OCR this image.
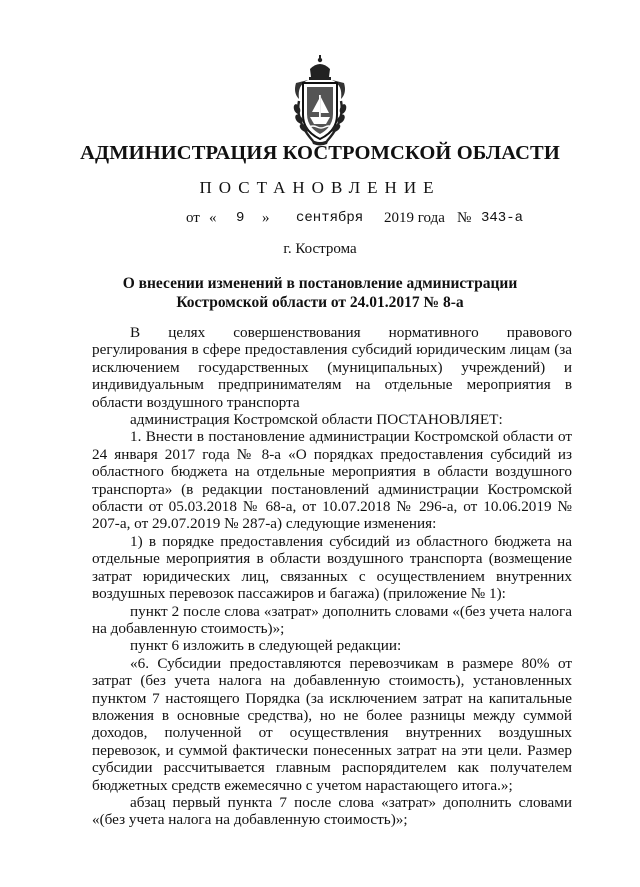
АДМИНИСТРАЦИЯ КОСТРОМСКОЙ ОБЛАСТИ
ПОСТАНОВЛЕНИЕ
от « 9 » сентября 2019 года № 343-а
г. Кострома
О внесении изменений в постановление администрации
Костромской области от 24.01.2017 № 8-а

В целях совершенствования нормативного правового регулирования в сфере предоставления субсидий юридическим лицам (за исключением государственных (муниципальных) учреждений) и индивидуальным предпринимателям на отдельные мероприятия в области воздушного транспорта

администрация Костромской области ПОСТАНОВЛЯЕТ:

1. Внести в постановление администрации Костромской области от 24 января 2017 года № 8-а «О порядках предоставления субсидий из областного бюджета на отдельные мероприятия в области воздушного транспорта» (в редакции постановлений администрации Костромской области от 05.03.2018 № 68-а, от 10.07.2018 № 296-а, от 10.06.2019 № 207-а, от 29.07.2019 № 287-а) следующие изменения:

1) в порядке предоставления субсидий из областного бюджета на отдельные мероприятия в области воздушного транспорта (возмещение затрат юридических лиц, связанных с осуществлением внутренних воздушных перевозок пассажиров и багажа) (приложение № 1):

пункт 2 после слова «затрат» дополнить словами «(без учета налога на добавленную стоимость)»;

пункт 6 изложить в следующей редакции:

«6. Субсидии предоставляются перевозчикам в размере 80% от затрат (без учета налога на добавленную стоимость), установленных пунктом 7 настоящего Порядка (за исключением затрат на капитальные вложения в основные средства), но не более разницы между суммой доходов, полученной от осуществления внутренних воздушных перевозок, и суммой фактически понесенных затрат на эти цели. Размер субсидии рассчитывается главным распорядителем как получателем бюджетных средств ежемесячно с учетом нарастающего итога.»;

абзац первый пункта 7 после слова «затрат» дополнить словами «(без учета налога на добавленную стоимость)»;
